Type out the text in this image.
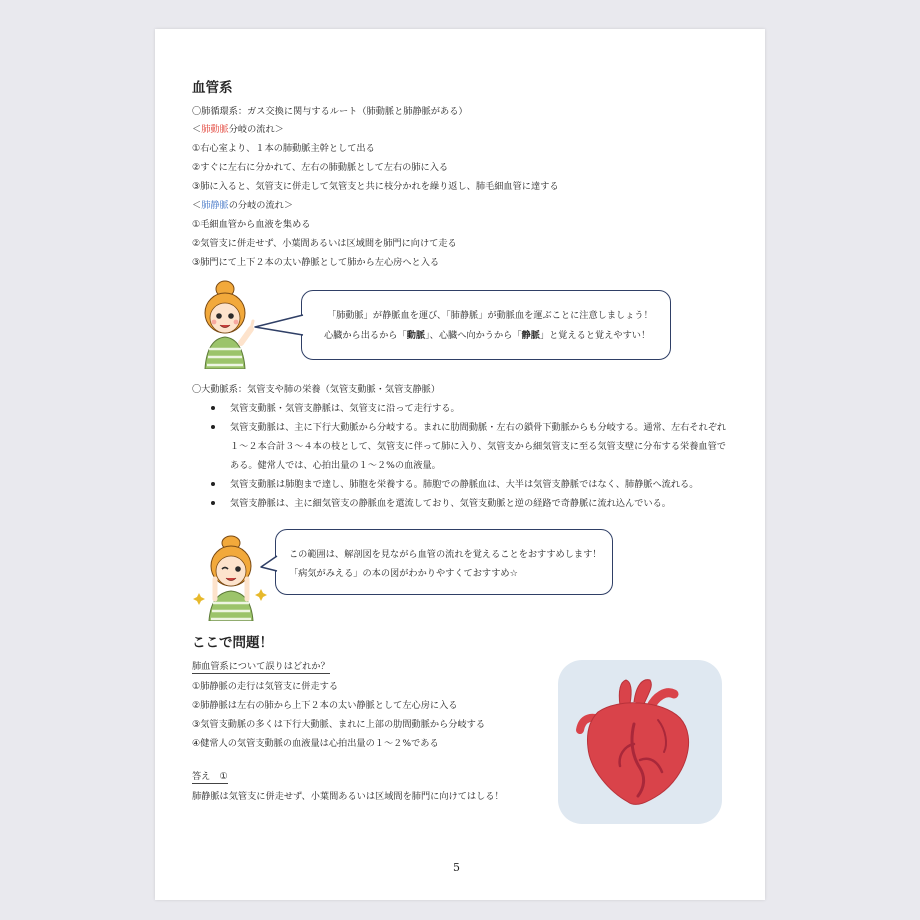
血管系
〇肺循環系：ガス交換に関与するルート（肺動脈と肺静脈がある）
＜肺動脈分岐の流れ＞
①右心室より、１本の肺動脈主幹として出る
②すぐに左右に分かれて、左右の肺動脈として左右の肺に入る
③肺に入ると、気管支に併走して気管支と共に枝分かれを繰り返し、肺毛細血管に達する
＜肺静脈の分岐の流れ＞
①毛細血管から血液を集める
②気管支に併走せず、小葉間あるいは区域間を肺門に向けて走る
③肺門にて上下２本の太い静脈として肺から左心房へと入る
「肺動脈」が静脈血を運び、「肺静脈」が動脈血を運ぶことに注意しましょう！
心臓から出るから「動脈」、心臓へ向かうから「静脈」と覚えると覚えやすい！
〇大動脈系：気管支や肺の栄養（気管支動脈・気管支静脈）
気管支動脈・気管支静脈は、気管支に沿って走行する。
気管支動脈は、主に下行大動脈から分岐する。まれに肋間動脈・左右の鎖骨下動脈からも分岐する。通常、左右それぞれ
１～２本合計３～４本の枝として、気管支に伴って肺に入り、気管支から細気管支に至る気管支壁に分布する栄養血管で
ある。健常人では、心拍出量の１～２%の血液量。
気管支動脈は肺胞まで達し、肺胞を栄養する。肺胞での静脈血は、大半は気管支静脈ではなく、肺静脈へ流れる。
気管支静脈は、主に細気管支の静脈血を還流しており、気管支動脈と逆の経路で奇静脈に流れ込んでいる。
この範囲は、解剖図を見ながら血管の流れを覚えることをおすすめします！
「病気がみえる」の本の図がわかりやすくておすすめ☆
ここで問題！
肺血管系について誤りはどれか？
①肺静脈の走行は気管支に併走する
②肺静脈は左右の肺から上下２本の太い静脈として左心房に入る
③気管支動脈の多くは下行大動脈、まれに上部の肋間動脈から分岐する
④健常人の気管支動脈の血液量は心拍出量の１～２%である
答え　①
肺静脈は気管支に併走せず、小葉間あるいは区域間を肺門に向けてはしる！
5
